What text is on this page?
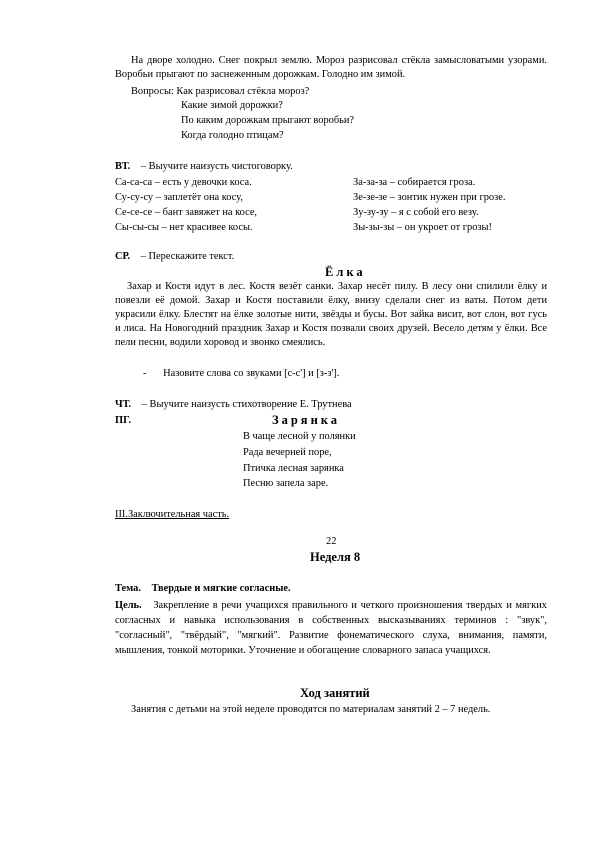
На дворе холодно. Снег покрыл землю. Мороз разрисовал стёкла замысловатыми узорами. Воробьи прыгают по заснеженным дорожкам. Голодно им зимой.
Вопросы: Как разрисовал стёкла мороз?
Какие зимой дорожки?
По каким дорожкам прыгают воробьи?
Когда голодно птицам?
ВТ. – Выучите наизусть чистоговорку.
Са-са-са – есть у девочки коса.
Су-су-су – заплетёт она косу,
Се-се-се – бант завяжет на косе,
Сы-сы-сы – нет красивее косы.
За-за-за – собирается гроза.
Зе-зе-зе – зонтик нужен при грозе.
Зу-зу-зу – я с собой его везу.
Зы-зы-зы – он укроет от грозы!
СР. – Перескажите текст.
Ёлка
Захар и Костя идут в лес. Костя везёт санки. Захар несёт пилу. В лесу они спилили ёлку и повезли её домой. Захар и Костя поставили ёлку, внизу сделали снег из ваты. Потом дети украсили ёлку. Блестят на ёлке золотые нити, звёзды и бусы. Вот зайка висит, вот слон, вот гусь и лиса. На Новогодний праздник Захар и Костя позвали своих друзей. Весело детям у ёлки. Все пели песни, водили хоровод и звонко смеялись.
- Назовите слова со звуками [с-с'] и [з-з'].
ЧТ. – Выучите наизусть стихотворение Е. Трутнева
ПГ.	Зарянка
В чаще лесной у полянки
Рада вечерней поре,
Птичка лесная зарянка
Песню запела заре.
III.Заключительная часть.
22
Неделя 8
Тема. Твердые и мягкие согласные.
Цель. Закрепление в речи учащихся правильного и четкого произношения твердых и мягких согласных и навыка использования в собственных высказываниях терминов : "звук", "согласный", "твёрдый", "мягкий". Развитие фонематического слуха, внимания, памяти, мышления, тонкой моторики. Уточнение и обогащение словарного запаса учащихся.
Ход занятий
Занятия с детьми на этой неделе проводятся по материалам занятий 2 – 7 недель.
